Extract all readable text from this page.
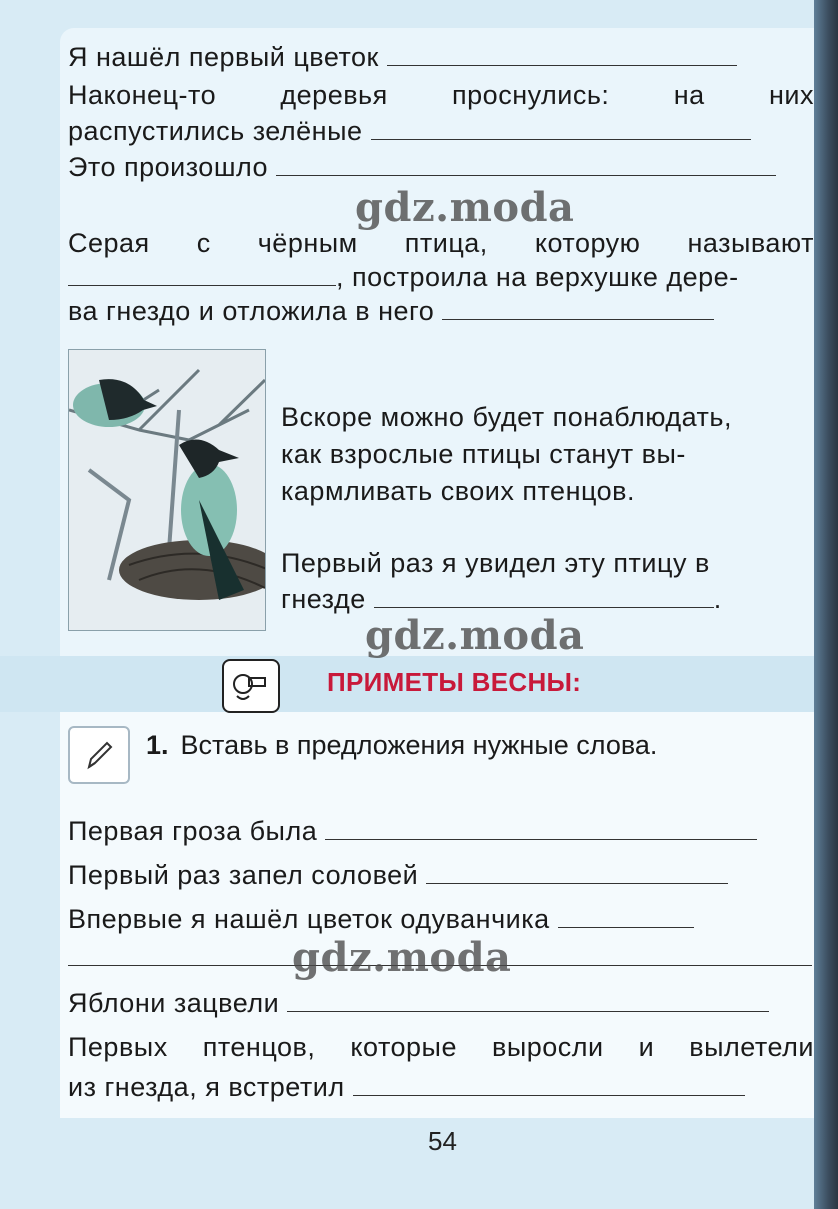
Я нашёл первый цветок
Наконец-то деревья проснулись: на них
распустились зелёные
Это произошло
gdz.moda
Серая с чёрным птица, которую называют
, построила на верхушке дере-
ва гнездо и отложила в него
Вскоре можно будет понаблюдать,
как взрослые птицы станут вы-
кармливать своих птенцов.
Первый раз я увидел эту птицу в
гнезде	.
gdz.moda
ПРИМЕТЫ ВЕСНЫ:
1. Вставь в предложения нужные слова.
Первая гроза была
Первый раз запел соловей
Впервые я нашёл цветок одуванчика
gdz.moda
Яблони зацвели
Первых птенцов, которые выросли и вылетели
из гнезда, я встретил
54
